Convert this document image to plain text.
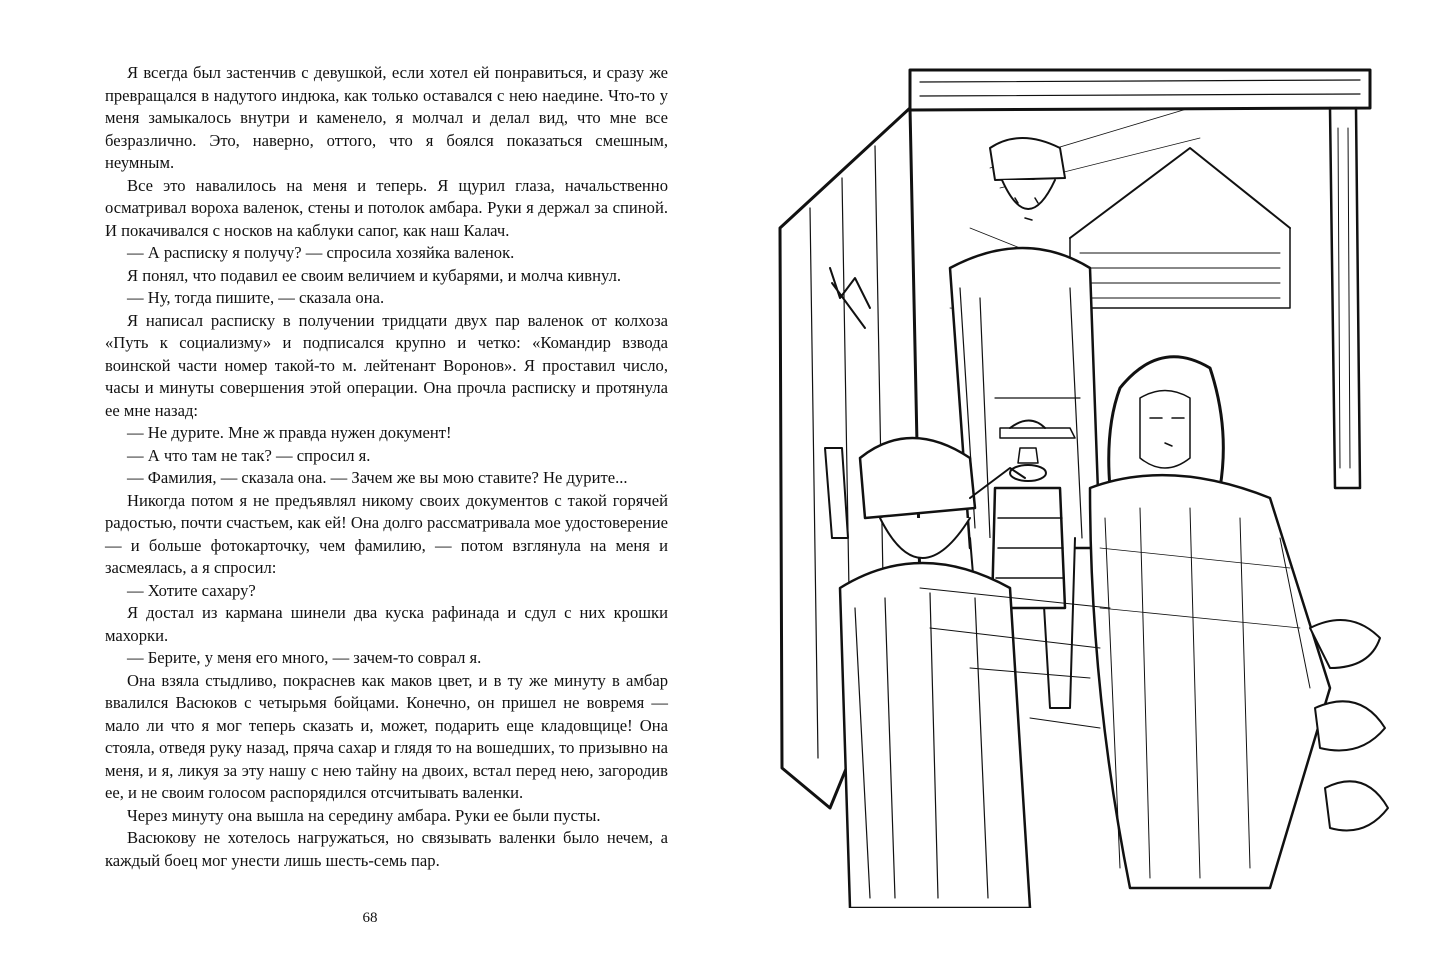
Я всегда был застенчив с девушкой, если хотел ей понравиться, и сразу же превращался в надутого индюка, как только оставался с нею наедине. Что-то у меня замыкалось внутри и каменело, я молчал и делал вид, что мне все безразлично. Это, наверно, оттого, что я боялся показаться смешным, неумным.

Все это навалилось на меня и теперь. Я щурил глаза, начальственно осматривал вороха валенок, стены и потолок амбара. Руки я держал за спиной. И покачивался с носков на каблуки сапог, как наш Калач.

— А расписку я получу? — спросила хозяйка валенок.

Я понял, что подавил ее своим величием и кубарями, и молча кивнул.

— Ну, тогда пишите, — сказала она.

Я написал расписку в получении тридцати двух пар валенок от колхоза «Путь к социализму» и подписался крупно и четко: «Командир взвода воинской части номер такой-то м. лейтенант Воронов». Я проставил число, часы и минуты совершения этой операции. Она прочла расписку и протянула ее мне назад:

— Не дурите. Мне ж правда нужен документ!

— А что там не так? — спросил я.

— Фамилия, — сказала она. — Зачем же вы мою ставите? Не дурите...

Никогда потом я не предъявлял никому своих документов с такой горячей радостью, почти счастьем, как ей! Она долго рассматривала мое удостоверение — и больше фотокарточку, чем фамилию, — потом взглянула на меня и засмеялась, а я спросил:

— Хотите сахару?

Я достал из кармана шинели два куска рафинада и сдул с них крошки махорки.

— Берите, у меня его много, — зачем-то соврал я.

Она взяла стыдливо, покраснев как маков цвет, и в ту же минуту в амбар ввалился Васюков с четырьмя бойцами. Конечно, он пришел не вовремя — мало ли что я мог теперь сказать и, может, подарить еще кладовщице! Она стояла, отведя руку назад, пряча сахар и глядя то на вошедших, то призывно на меня, и я, ликуя за эту нашу с нею тайну на двоих, встал перед нею, загородив ее, и не своим голосом распорядился отсчитывать валенки.

Через минуту она вышла на середину амбара. Руки ее были пусты.

Васюкову не хотелось нагружаться, но связывать валенки было нечем, а каждый боец мог унести лишь шесть-семь пар.

68
